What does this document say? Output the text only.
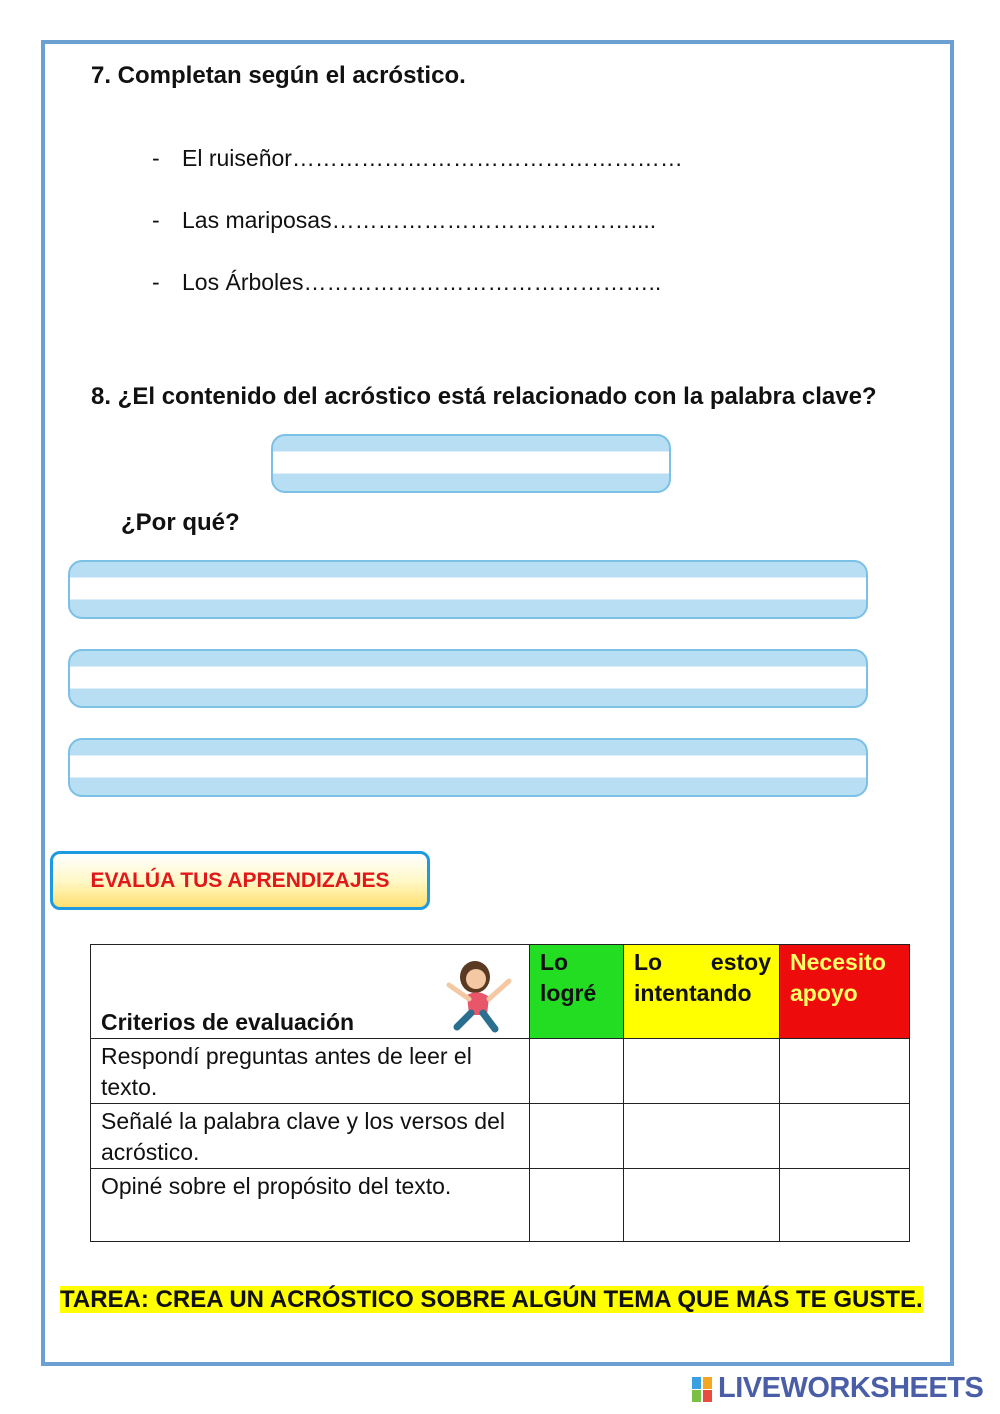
7. Completan según el acróstico.
- El ruiseñor……………………………………………
- Las mariposas…………………………………....
- Los Árboles………………………………………..
8. ¿El contenido del acróstico está relacionado con la palabra clave?
¿Por qué?
EVALÚA TUS APRENDIZAJES
Criterios de evaluación	Lo logré	Lo estoy intentando	Necesito apoyo
Respondí preguntas antes de leer el texto.			
Señalé la palabra clave y los versos del acróstico.			
Opiné sobre el propósito del texto.			
TAREA: CREA UN ACRÓSTICO SOBRE ALGÚN TEMA QUE MÁS TE GUSTE.
LIVEWORKSHEETS
